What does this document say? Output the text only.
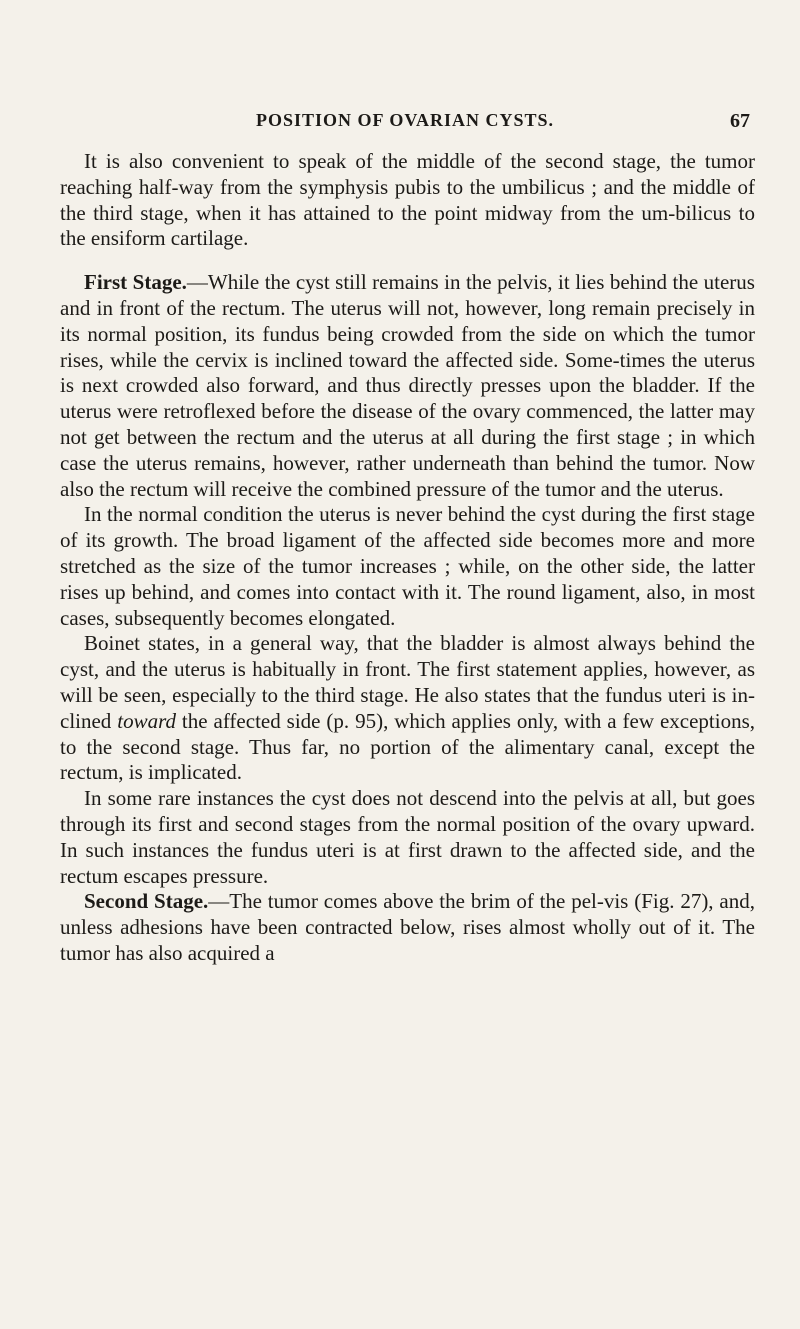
POSITION OF OVARIAN CYSTS.	67

It is also convenient to speak of the middle of the second stage, the tumor reaching half-way from the symphysis pubis to the umbilicus ; and the middle of the third stage, when it has attained to the point midway from the um-bilicus to the ensiform cartilage.

First Stage.—While the cyst still remains in the pelvis, it lies behind the uterus and in front of the rectum. The uterus will not, however, long remain precisely in its normal position, its fundus being crowded from the side on which the tumor rises, while the cervix is inclined toward the affected side. Some-times the uterus is next crowded also forward, and thus directly presses upon the bladder. If the uterus were retroflexed before the disease of the ovary commenced, the latter may not get between the rectum and the uterus at all during the first stage ; in which case the uterus remains, however, rather underneath than behind the tumor. Now also the rectum will receive the combined pressure of the tumor and the uterus.

In the normal condition the uterus is never behind the cyst during the first stage of its growth. The broad ligament of the affected side becomes more and more stretched as the size of the tumor increases ; while, on the other side, the latter rises up behind, and comes into contact with it. The round ligament, also, in most cases, subsequently becomes elongated.

Boinet states, in a general way, that the bladder is almost always behind the cyst, and the uterus is habitually in front. The first statement applies, however, as will be seen, especially to the third stage. He also states that the fundus uteri is in-clined toward the affected side (p. 95), which applies only, with a few exceptions, to the second stage. Thus far, no portion of the alimentary canal, except the rectum, is implicated.

In some rare instances the cyst does not descend into the pelvis at all, but goes through its first and second stages from the normal position of the ovary upward. In such instances the fundus uteri is at first drawn to the affected side, and the rectum escapes pressure.

Second Stage.—The tumor comes above the brim of the pel-vis (Fig. 27), and, unless adhesions have been contracted below, rises almost wholly out of it. The tumor has also acquired a
